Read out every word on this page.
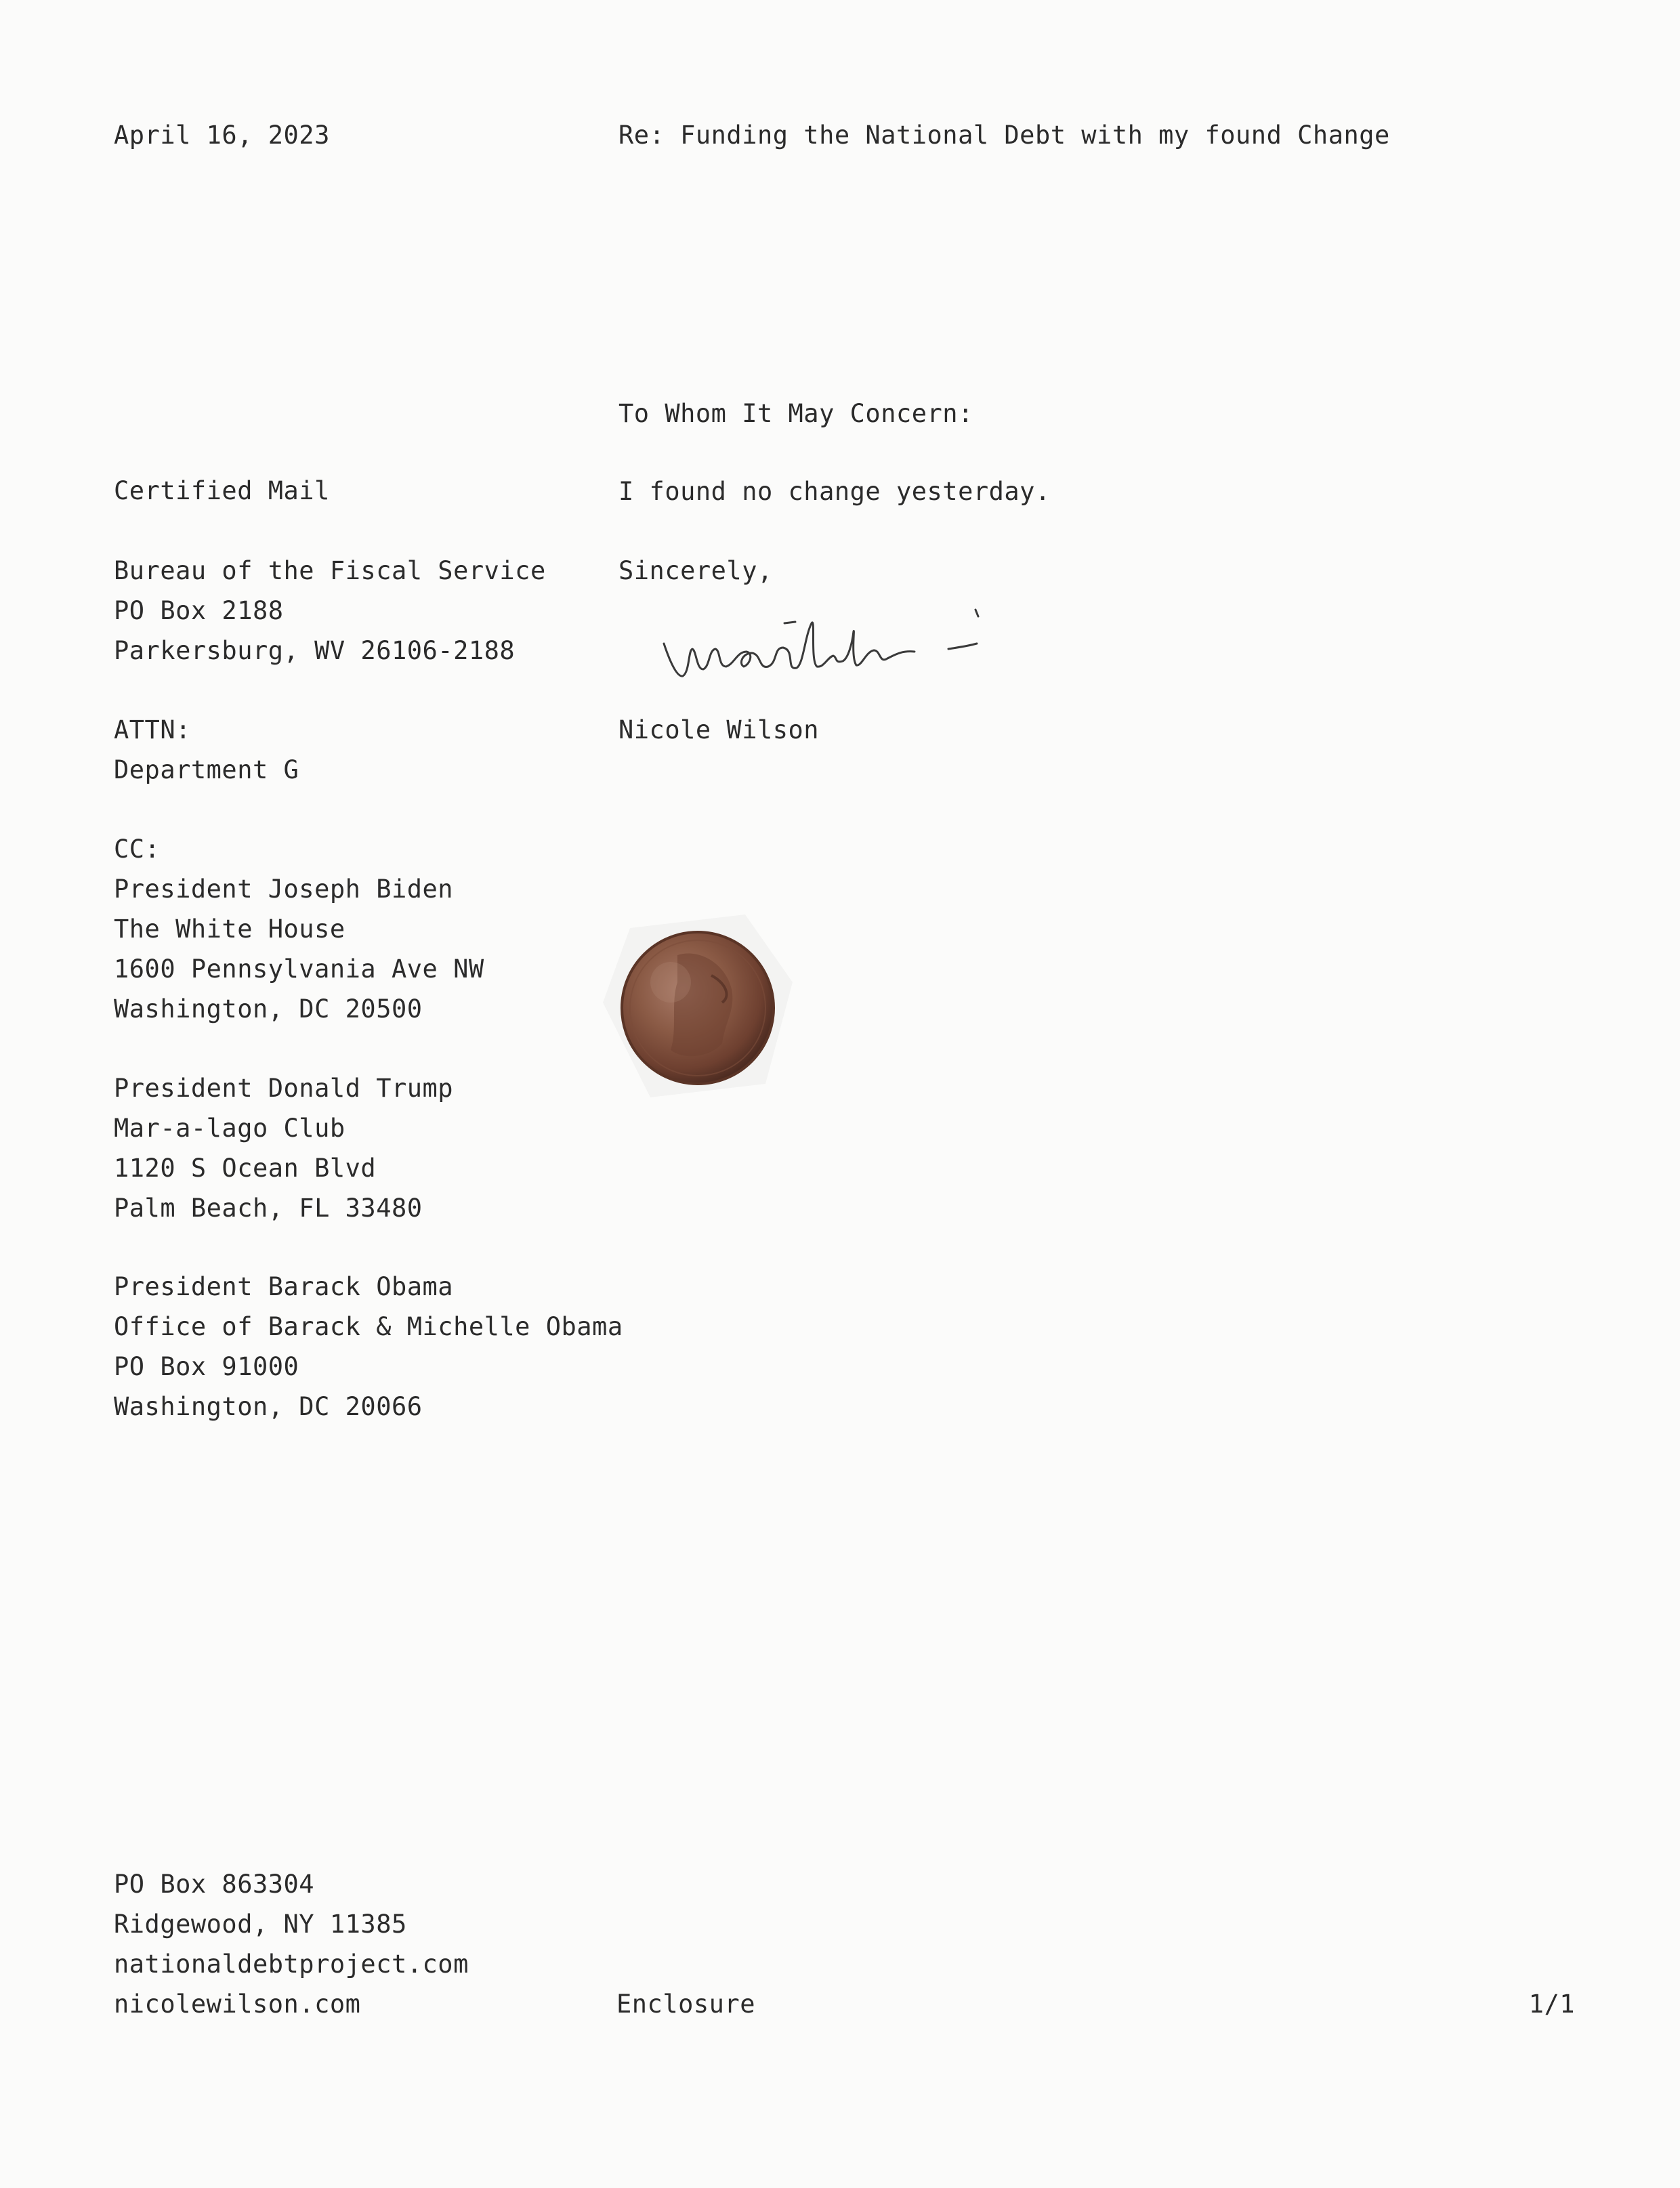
April 16, 2023	Re: Funding the National Debt with my found Change
To Whom It May Concern:
Certified Mail	I found no change yesterday.
Bureau of the Fiscal Service
PO Box 2188
Parkersburg, WV 26106-2188
Sincerely,
ATTN:
Department G
Nicole Wilson
CC:
President Joseph Biden
The White House
1600 Pennsylvania Ave NW
Washington, DC 20500
President Donald Trump
Mar-a-lago Club
1120 S Ocean Blvd
Palm Beach, FL 33480
President Barack Obama
Office of Barack & Michelle Obama
PO Box 91000
Washington, DC 20066
PO Box 863304
Ridgewood, NY 11385
nationaldebtproject.com
nicolewilson.com	Enclosure	1/1
